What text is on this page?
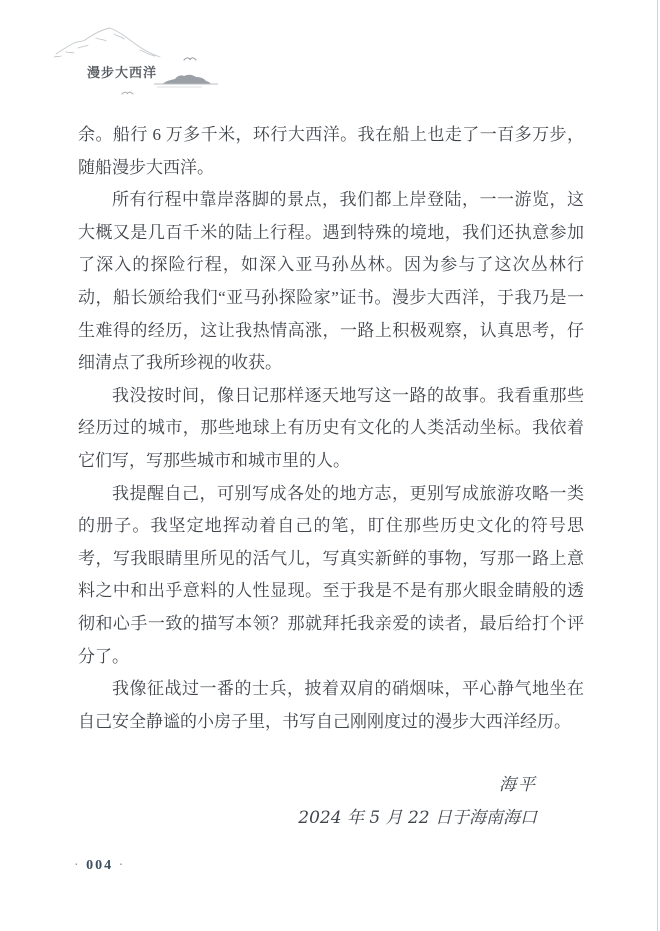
漫步大西洋

余。船行 6 万多千米，环行大西洋。我在船上也走了一百多万步，随船漫步大西洋。

所有行程中靠岸落脚的景点，我们都上岸登陆，一一游览，这大概又是几百千米的陆上行程。遇到特殊的境地，我们还执意参加了深入的探险行程，如深入亚马孙丛林。因为参与了这次丛林行动，船长颁给我们“亚马孙探险家”证书。漫步大西洋，于我乃是一生难得的经历，这让我热情高涨，一路上积极观察，认真思考，仔细清点了我所珍视的收获。

我没按时间，像日记那样逐天地写这一路的故事。我看重那些经历过的城市，那些地球上有历史有文化的人类活动坐标。我依着它们写，写那些城市和城市里的人。

我提醒自己，可别写成各处的地方志，更别写成旅游攻略一类的册子。我坚定地挥动着自己的笔，盯住那些历史文化的符号思考，写我眼睛里所见的活气儿，写真实新鲜的事物，写那一路上意料之中和出乎意料的人性显现。至于我是不是有那火眼金睛般的透彻和心手一致的描写本领？那就拜托我亲爱的读者，最后给打个评分了。

我像征战过一番的士兵，披着双肩的硝烟味，平心静气地坐在自己安全静谧的小房子里，书写自己刚刚度过的漫步大西洋经历。

海平
2024 年 5 月 22 日于海南海口
· 004 ·
